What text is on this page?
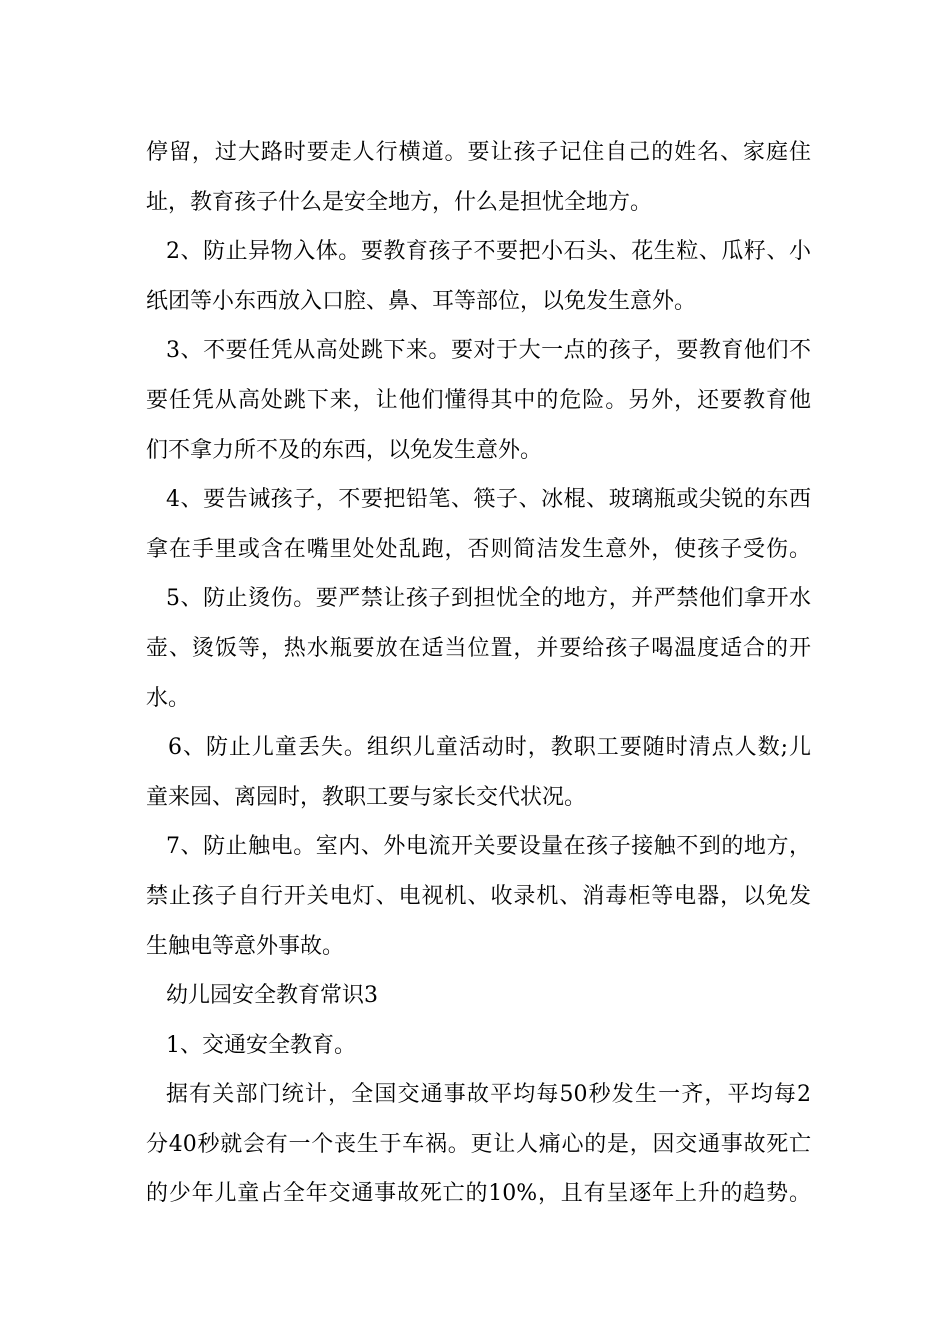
停留，过大路时要走人行横道。要让孩子记住自己的姓名、家庭住
址，教育孩子什么是安全地方，什么是担忧全地方。
2、防止异物入体。要教育孩子不要把小石头、花生粒、瓜籽、小
纸团等小东西放入口腔、鼻、耳等部位，以免发生意外。
3、不要任凭从高处跳下来。要对于大一点的孩子，要教育他们不
要任凭从高处跳下来，让他们懂得其中的危险。另外，还要教育他
们不拿力所不及的东西，以免发生意外。
4、要告诫孩子，不要把铅笔、筷子、冰棍、玻璃瓶或尖锐的东西
拿在手里或含在嘴里处处乱跑，否则简洁发生意外，使孩子受伤。
5、防止烫伤。要严禁让孩子到担忧全的地方，并严禁他们拿开水
壶、烫饭等，热水瓶要放在适当位置，并要给孩子喝温度适合的开
水。
6、防止儿童丢失。组织儿童活动时，教职工要随时清点人数;儿
童来园、离园时，教职工要与家长交代状况。
7、防止触电。室内、外电流开关要设量在孩子接触不到的地方，
禁止孩子自行开关电灯、电视机、收录机、消毒柜等电器，以免发
生触电等意外事故。
幼儿园安全教育常识3
1、交通安全教育。
据有关部门统计，全国交通事故平均每50秒发生一齐，平均每2
分40秒就会有一个丧生于车祸。更让人痛心的是，因交通事故死亡
的少年儿童占全年交通事故死亡的10%，且有呈逐年上升的趋势。
